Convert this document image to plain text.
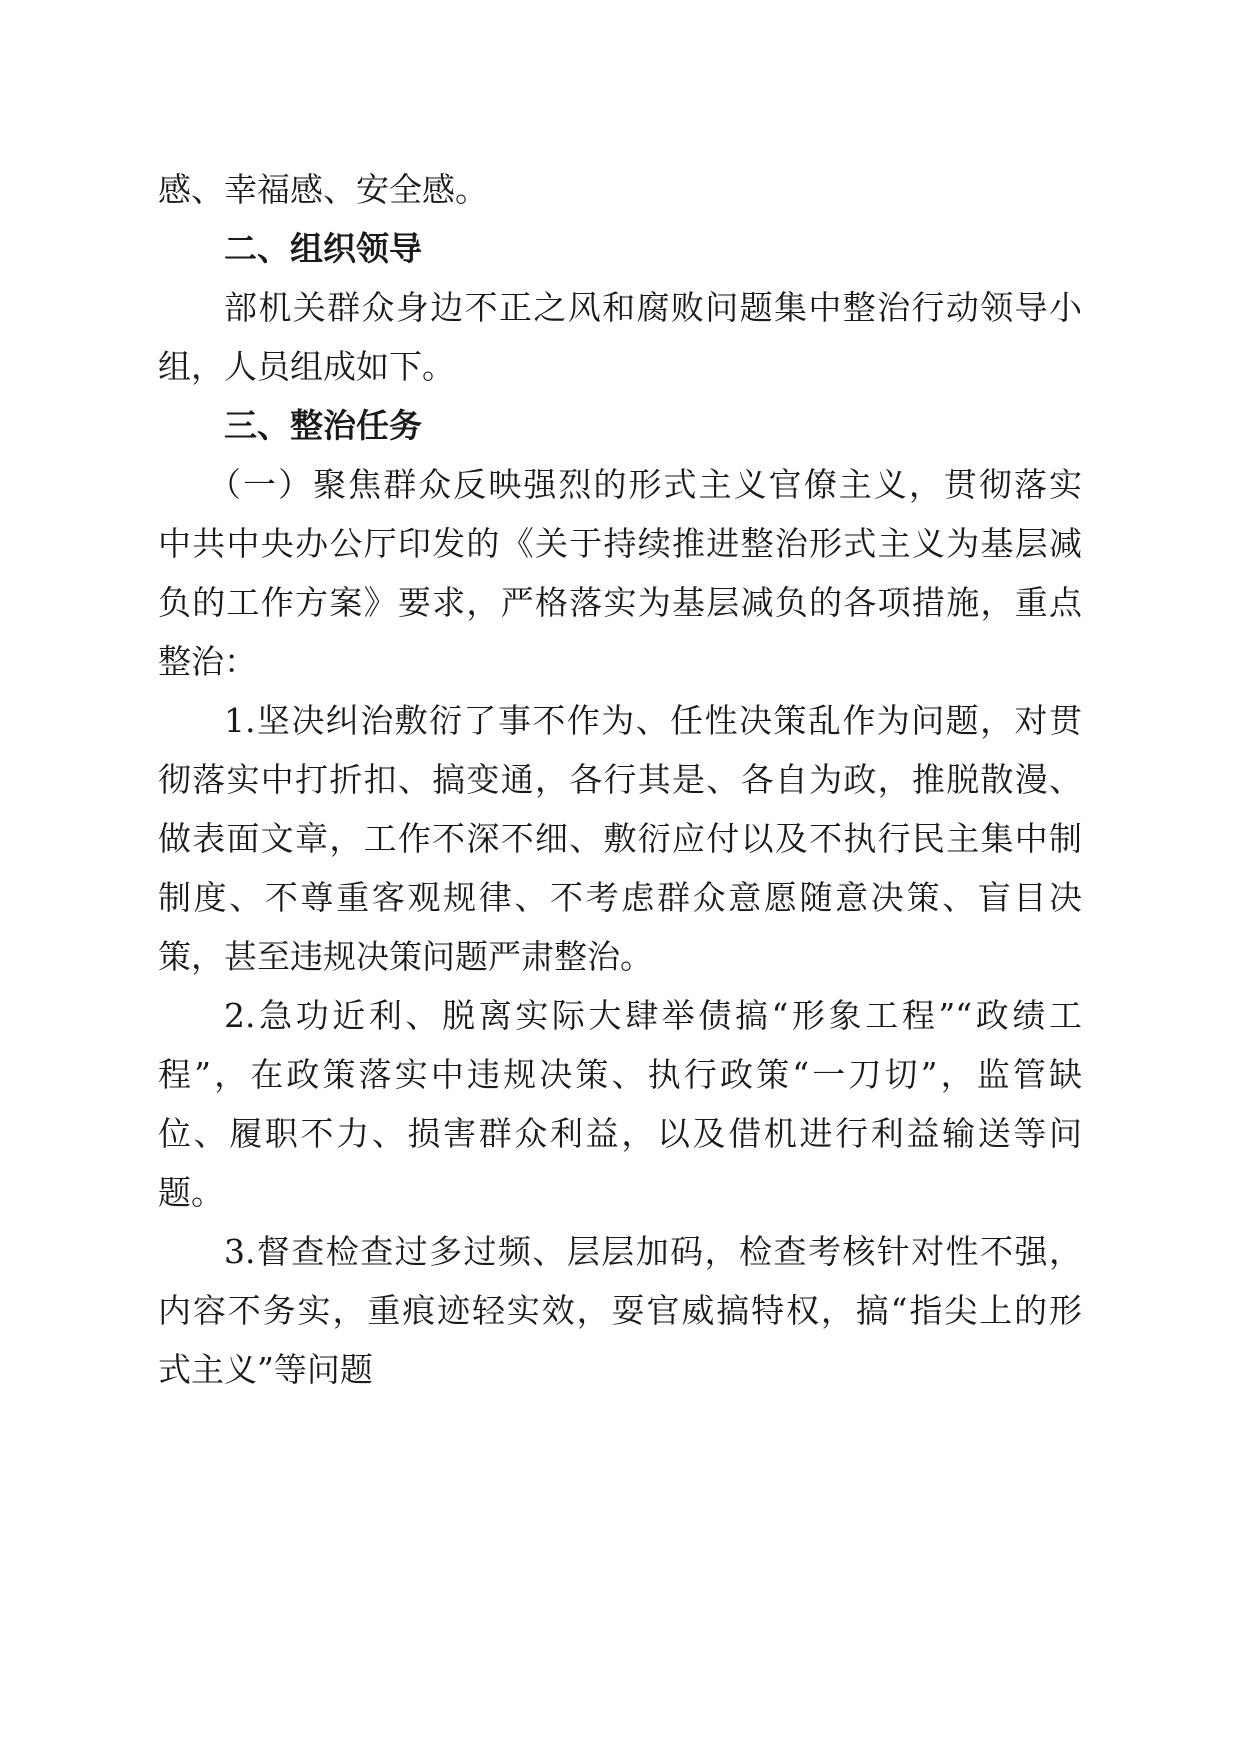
感、幸福感、安全感。
二、组织领导
部机关群众身边不正之风和腐败问题集中整治行动领导小
组，人员组成如下。
三、整治任务
（一）聚焦群众反映强烈的形式主义官僚主义，贯彻落实
中共中央办公厅印发的《关于持续推进整治形式主义为基层减
负的工作方案》要求，严格落实为基层减负的各项措施，重点
整治：
1.坚决纠治敷衍了事不作为、任性决策乱作为问题，对贯
彻落实中打折扣、搞变通，各行其是、各自为政，推脱散漫、
做表面文章，工作不深不细、敷衍应付以及不执行民主集中制
制度、不尊重客观规律、不考虑群众意愿随意决策、盲目决
策，甚至违规决策问题严肃整治。
2.急功近利、脱离实际大肆举债搞“形象工程”“政绩工
程”，在政策落实中违规决策、执行政策“一刀切”，监管缺
位、履职不力、损害群众利益，以及借机进行利益输送等问
题。
3.督查检查过多过频、层层加码，检查考核针对性不强，
内容不务实，重痕迹轻实效，耍官威搞特权，搞“指尖上的形
式主义”等问题
